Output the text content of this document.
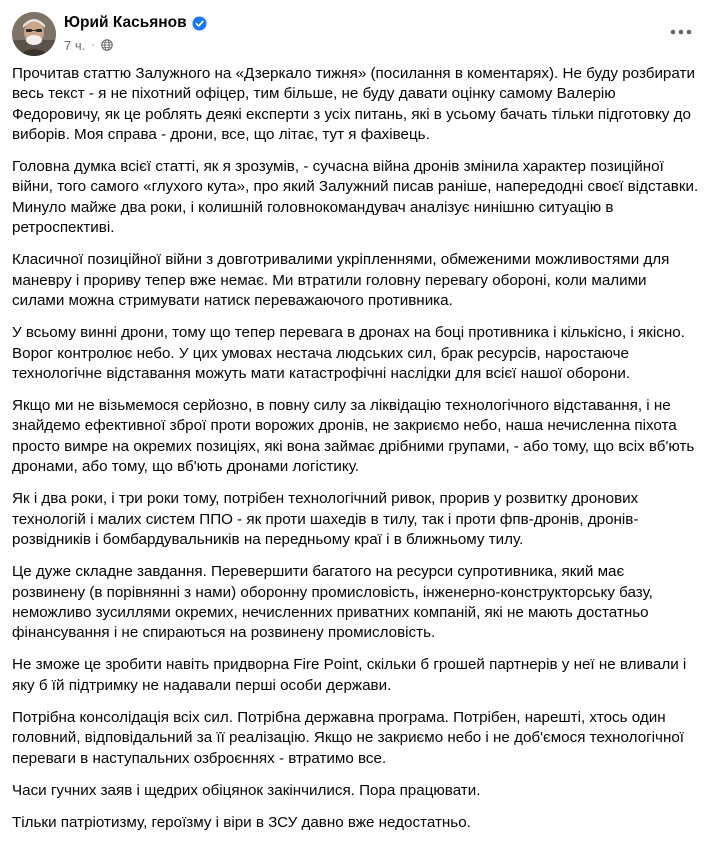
Юрий Касьянов
7 ч. ·

Прочитав статтю Залужного на «Дзеркало тижня» (посилання в коментарях). Не буду розбирати весь текст - я не піхотний офіцер, тим більше, не буду давати оцінку самому Валерію Федоровичу, як це роблять деякі експерти з усіх питань, які в усьому бачать тільки підготовку до виборів. Моя справа - дрони, все, що літає, тут я фахівець.

Головна думка всієї статті, як я зрозумів, - сучасна війна дронів змінила характер позиційної війни, того самого «глухого кута», про який Залужний писав раніше, напередодні своєї відставки. Минуло майже два роки, і колишній головнокомандувач аналізує нинішню ситуацію в ретроспективі.

Класичної позиційної війни з довготривалими укріпленнями, обмеженими можливостями для маневру і прориву тепер вже немає. Ми втратили головну перевагу обороні, коли малими силами можна стримувати натиск переважаючого противника.

У всьому винні дрони, тому що тепер перевага в дронах на боці противника і кількісно, і якісно. Ворог контролює небо. У цих умовах нестача людських сил, брак ресурсів, наростаюче технологічне відставання можуть мати катастрофічні наслідки для всієї нашої оборони.

Якщо ми не візьмемося серйозно, в повну силу за ліквідацію технологічного відставання, і не знайдемо ефективної зброї проти ворожих дронів, не закриємо небо, наша нечисленна піхота просто вимре на окремих позиціях, які вона займає дрібними групами, - або тому, що всіх вб'ють дронами, або тому, що вб'ють дронами логістику.

Як і два роки, і три роки тому, потрібен технологічний ривок, прорив у розвитку дронових технологій і малих систем ППО - як проти шахедів в тилу, так і проти фпв-дронів, дронів-розвідників і бомбардувальників на передньому краї і в ближньому тилу.

Це дуже складне завдання. Перевершити багатого на ресурси супротивника, який має розвинену (в порівнянні з нами) оборонну промисловість, інженерно-конструкторську базу, неможливо зусиллями окремих, нечисленних приватних компаній, які не мають достатньо фінансування і не спираються на розвинену промисловість.

Не зможе це зробити навіть придворна Fire Point, скільки б грошей партнерів у неї не вливали і яку б їй підтримку не надавали перші особи держави.

Потрібна консолідація всіх сил. Потрібна державна програма. Потрібен, нарешті, хтось один головний, відповідальний за її реалізацію. Якщо не закриємо небо і не доб'ємося технологічної переваги в наступальних озброєннях - втратимо все.

Часи гучних заяв і щедрих обіцянок закінчилися. Пора працювати.

Тільки патріотизму, героїзму і віри в ЗСУ давно вже недостатньо.
